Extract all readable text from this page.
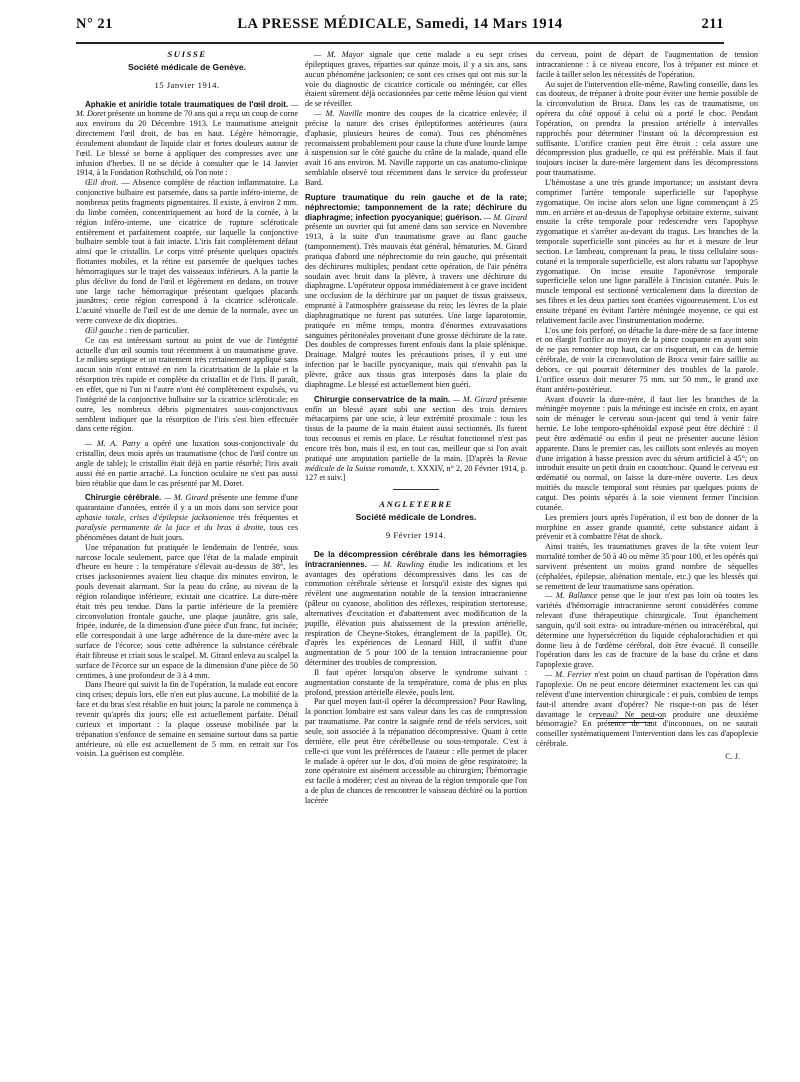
N° 21	LA PRESSE MÉDICALE, Samedi, 14 Mars 1914	211
SUISSE
Société médicale de Genève.
15 Janvier 1914.

Aphakie et aniridie totale traumatiques de l'œil droit. — M. Doret présente un homme de 70 ans qui a reçu un coup de corne aux environs du 20 Décembre 1913. Le traumatisme atteignit directement l'œil droit, de bas en haut. Légère hémorragie, écoulement abondant de liquide clair et fortes douleurs autour de l'œil. Le blessé se borne à appliquer des compresses avec une infusion d'herbes. Il ne se décide à consulter que le 14 Janvier 1914, à la Fondation Rothschild, où l'on note :

Œil droit. — Absence complète de réaction inflammatoire. La conjonctive bulbaire est parsemée, dans sa partie inféro-interne, de nombreux petits fragments pigmentaires. Il existe, à environ 2 mm. du limbe cornéen, concentriquement au bord de la cornée, à la région inféro-interne, une cicatrice de rupture scléroticale entièrement et parfaitement coaptée, sur laquelle la conjonctive bulbaire semble tout à fait intacte. L'iris fait complètement défaut ainsi que le cristallin. Le corps vitré présente quelques opacités flottantes mobiles, et la rétine est parsemée de quelques taches hémorragiques sur le trajet des vaisseaux inférieurs. A la partie la plus déclive du fond de l'œil et légèrement en dedans, on trouve une large tache hémorragique présentant quelques placards jaunâtres; cette région correspond à la cicatrice scléroticale. L'acuité visuelle de l'œil est de une demie de la normale, avec un verre convexe de dix dioptries.

Œil gauche : rien de particulier.

Ce cas est intéressant surtout au point de vue de l'intégrité actuelle d'un œil soumis tout récemment à un traumatisme grave. Le milieu septique et un traitement très certainement appliqué sans aucun soin n'ont entravé en rien la cicatrisation de la plaie et la résorption très rapide et complète du cristallin et de l'iris. Il paraît, en effet, que ni l'un ni l'autre n'ont été complètement expulsés, vu l'intégrité de la conjonctive bulbaire sur la cicatrice scléroticale; en outre, les nombreux débris pigmentaires sous-conjonctivaux semblent indiquer que la résorption de l'iris s'est bien effectuée dans cette région.

— M. A. Patry a opéré une luxation sous-conjonctivale du cristallin, deux mois après un traumatisme (choc de l'œil contre un angle de table); le cristallin était déjà en partie résorbé; l'iris avait aussi été en partie arraché. La fonction oculaire ne s'est pas aussi bien rétablie que dans le cas présenté par M. Doret.

Chirurgie cérébrale. — M. Girard présente une femme d'une quarantaine d'années, entrée il y a un mois dans son service pour aphasie totale, crises d'épilepsie jacksonienne très fréquentes et paralysie permanente de la face et du bras à droite, tous ces phénomènes datant de huit jours.

Une trépanation fut pratiquée le lendemain de l'entrée, sous narcose locale seulement, parce que l'état de la malade empirait d'heure en heure : la température s'élevait au-dessus de 38°, les crises jacksoniennes avaient lieu chaque dix minutes environ, le pouls devenait alarmant. Sur la peau du crâne, au niveau de la région rolandique inférieure, existait une cicatrice. La dure-mère était très peu tendue. Dans la partie inférieure de la première circonvolution frontale gauche, une plaque jaunâtre, gris sale, fripée, indurée, de la dimension d'une pièce d'un franc, fut incisée; elle correspondait à une large adhérence de la dure-mère avec la surface de l'écorce; sous cette adhérence la substance cérébrale était fibreuse et criait sous le scalpel. M. Girard enleva au scalpel la surface de l'écorce sur un espace de la dimension d'une pièce de 50 centimes, à une profondeur de 3 à 4 mm.

Dans l'heure qui suivit la fin de l'opération, la malade eut encore cinq crises; depuis lors, elle n'en eut plus aucune. La mobilité de la face et du bras s'est rétablie en huit jours; la parole ne commença à revenir qu'après dix jours; elle est actuellement parfaite. Détail curieux et important : la plaque osseuse mobilisée par la trépanation s'enfonce de semaine en semaine surtout dans sa partie antérieure, où elle est actuellement de 5 mm. en retrait sur l'os voisin. La guérison est complète.

— M. Mayor signale que cette malade a eu sept crises épileptiques graves, réparties sur quinze mois, il y a six ans, sans aucun phénomène jacksonien; ce sont ces crises qui ont mis sur la voie du diagnostic de cicatrice corticale ou méningée, car elles étaient sûrement déjà occasionnées par cette même lésion qui vient de se réveiller.

— M. Naville montre des coupes de la cicatrice enlevée; il précise la nature des crises épileptiformes antérieures (aura d'aphasie, plusieurs heures de coma). Tous ces phénomènes reconnaissent probablement pour cause la chute d'une lourde lampe à suspension sur le côté gauche du crâne de la malade, quand elle avait 16 ans environ. M. Naville rapporte un cas anatomo-clinique semblable observé tout récemment dans le service du professeur Bard.

Rupture traumatique du rein gauche et de la rate; néphrectomie; tamponnement de la rate; déchirure du diaphragme; infection pyocyanique; guérison. — M. Girard présente un ouvrier qui fut amené dans son service en Novembre 1913, à la suite d'un traumatisme grave au flanc gauche (tamponnement). Très mauvais état général, hématuries. M. Girard pratiqua d'abord une néphrectomie du rein gauche, qui présentait des déchirures multiples; pendant cette opération, de l'air pénétra soudain avec bruit dans la plèvre, à travers une déchirure du diaphragme. L'opérateur opposa immédiatement à ce grave incident une occlusion de la déchirure par un paquet de tissus graisseux, emprunté à l'atmosphère graisseuse du rein; les lèvres de la plaie diaphragmatique ne furent pas suturées. Une large laparotomie, pratiquée en même temps, montra d'énormes extravasations sanguines péritonéales provenant d'une grosse déchirure de la rate. Des doubles de compresses furent enfouis dans la plaie splénique. Drainage. Malgré toutes les précautions prises, il y eut une infection par le bacille pyocyanique, mais qui n'envahit pas la plèvre, grâce aux tissus gras interposés dans la plaie du diaphragme. Le blessé est actuellement bien guéri.

Chirurgie conservatrice de la main. — M. Girard présente enfin un blessé ayant subi une section des trois derniers métacarpiens par une scie, à leur extrémité proximale : tous les tissus de la paume de la main étaient aussi sectionnés. Ils furent tous recousus et remis en place. Le résultat fonctionnel n'est pas encore très bon, mais il est, en tout cas, meilleur que si l'on avait pratiqué une amputation partielle de la main. [D'après la Revue médicale de la Suisse romande, t. XXXIV, n° 2, 20 Février 1914, p. 127 et suiv.]

ANGLETERRE
Société médicale de Londres.
9 Février 1914.

De la décompression cérébrale dans les hémorragies intracraniennes. — M. Rawling étudie les indications et les avantages des opérations décompressives dans les cas de commotion cérébrale sérieuse et lorsqu'il existe des signes qui révèlent une augmentation notable de la tension intracranienne (pâleur ou cyanose, abolition des réflexes, respiration stertoreuse, alternatives d'excitation et d'abattement avec modification de la pupille, élévation puis abaissement de la pression artérielle, respiration de Cheyne-Stokes, étranglement de la papille). Or, d'après les expériences de Leonard Hill, il suffit d'une augmentation de 5 pour 100 de la tension intracranienne pour déterminer des troubles de compression.

Il faut opérer lorsqu'on observe le syndrome suivant : augmentation constante de la température, coma de plus en plus profond, pression artérielle élevée, pouls lent.

Par quel moyen faut-il opérer la décompression? Pour Rawling, la ponction lombaire est sans valeur dans les cas de compression par traumatisme. Par contre la saignée rend de réels services, soit seule, soit associée à la trépanation décompressive. Quant à cette dernière, elle peut être cérébelleuse ou sous-temporale. C'est à celle-ci que vont les préférences de l'auteur : elle permet de placer le malade à opérer sur le dos, d'où moins de gêne respiratoire; la zone opératoire est aisément accessible au chirurgien; l'hémorragie est facile à modérer; c'est au niveau de la région temporale que l'on a de plus de chances de rencontrer le vaisseau déchiré ou la portion lacérée

du cerveau, point de départ de l'augmentation de tension intracranienne : à ce niveau encore, l'os à trépaner est mince et facile à tailler selon les nécessités de l'opération.

Au sujet de l'intervention elle-même, Rawling conseille, dans les cas douteux, de trépaner à droite pour éviter une hernie possible de la circonvolution de Broca. Dans les cas de traumatisme, on opérera du côté opposé à celui où a porté le choc. Pendant l'opération, on prendra la pression artérielle à intervalles rapprochés pour déterminer l'instant où la décompression est suffisante. L'orifice cranien peut être étroit : cela assure une décompression plus graduelle, ce qui est préférable. Mais il faut toujours inciser la dure-mère largement dans les décompressions pour traumatisme.

L'hémostase a une très grande importance; un assistant devra comprimer l'artère temporale superficielle sur l'apophyse zygomatique. On incise alors selon une ligne commençant à 25 mm. en arrière et au-dessus de l'apophyse orbitaire externe, suivant ensuite la crête temporale pour redescendre vers l'apophyse zygomatique et s'arrêter au-devant du tragus. Les branches de la temporale superficielle sont pincées au fur et à mesure de leur section. Le lambeau, comprenant la peau, le tissu cellulaire sous-cutané et la temporale superficielle, est alors rabattu sur l'apophyse zygomatique. On incise ensuite l'aponévrose temporale superficielle selon une ligne parallèle à l'incision cutanée. Puis le muscle temporal est sectionné verticalement dans la direction de ses fibres et les deux parties sont écartées vigoureusement. L'os est ensuite trépané en évitant l'artère méningée moyenne, ce qui est relativement facile avec l'instrumentation moderne.

L'os une fois perforé, on détache la dure-mère de sa face interne et on élargit l'orifice au moyen de la pince coupante en ayant soin de ne pas remonter trop haut, car on risquerait, en cas de hernie cérébrale, de voir la circonvolution de Broca venir faire saillie au dehors, ce qui pourrait déterminer des troubles de la parole. L'orifice osseux doit mesurer 75 mm. sur 50 mm., le grand axe étant antéro-postérieur.

Avant d'ouvrir la dure-mère, il faut lier les branches de la méningée moyenne : puis la méninge est incisée en croix, en ayant soin de ménager le cerveau sous-jacent qui tend à venir faire hernie. Le lobe temporo-sphénoïdal exposé peut être déchiré : il peut être œdématié ou enfin il peut ne présenter aucune lésion apparente. Dans le premier cas, les caillots sont enlevés au moyen d'une irrigation à basse pression avec du sérum artificiel à 45°; on introduit ensuite un petit drain en caoutchouc. Quand le cerveau est œdématié ou normal, on laisse la dure-mère ouverte. Les deux moitiés du muscle temporal sont réunies par quelques points de catgut. Des points séparés à la soie viennent fermer l'incision cutanée.

Les premiers jours après l'opération, il est bon de donner de la morphine en assez grande quantité, cette substance aidant à prévenir et à combattre l'état de shock.

Ainsi traités, les traumatismes graves de la tête voient leur mortalité tomber de 50 à 40 ou même 35 pour 100, et les opérés qui survivent présentent un moins grand nombre de séquelles (céphalées, épilepsie, aliénation mentale, etc.) que les blessés qui se remettent de leur traumatisme sans opération.

— M. Ballance pense que le jour n'est pas loin où toutes les variétés d'hémorragie intracranienne seront considérées comme relevant d'une thérapeutique chirurgicale. Tout épanchement sanguin, qu'il soit extra- ou intradure-mérien ou intracérébral, qui détermine une hypersécrétion du liquide céphalorachidien et qui donne lieu à de l'œdème cérébral, doit être évacué. Il conseille l'opération dans les cas de fracture de la base du crâne et dans l'apoplexie grave.

— M. Ferrier n'est point un chaud partisan de l'opération dans l'apoplexie. On ne peut encore déterminer exactement les cas qui relèvent d'une intervention chirurgicale : et puis, combien de temps faut-il attendre avant d'opérer? Ne risque-t-on pas de léser davantage le cerveau? Ne peut-on produire une deuxième hémorragie? En présence de tant d'inconnues, on ne saurait conseiller systématiquement l'intervention dans les cas d'apoplexie cérébrale.

C. J.
